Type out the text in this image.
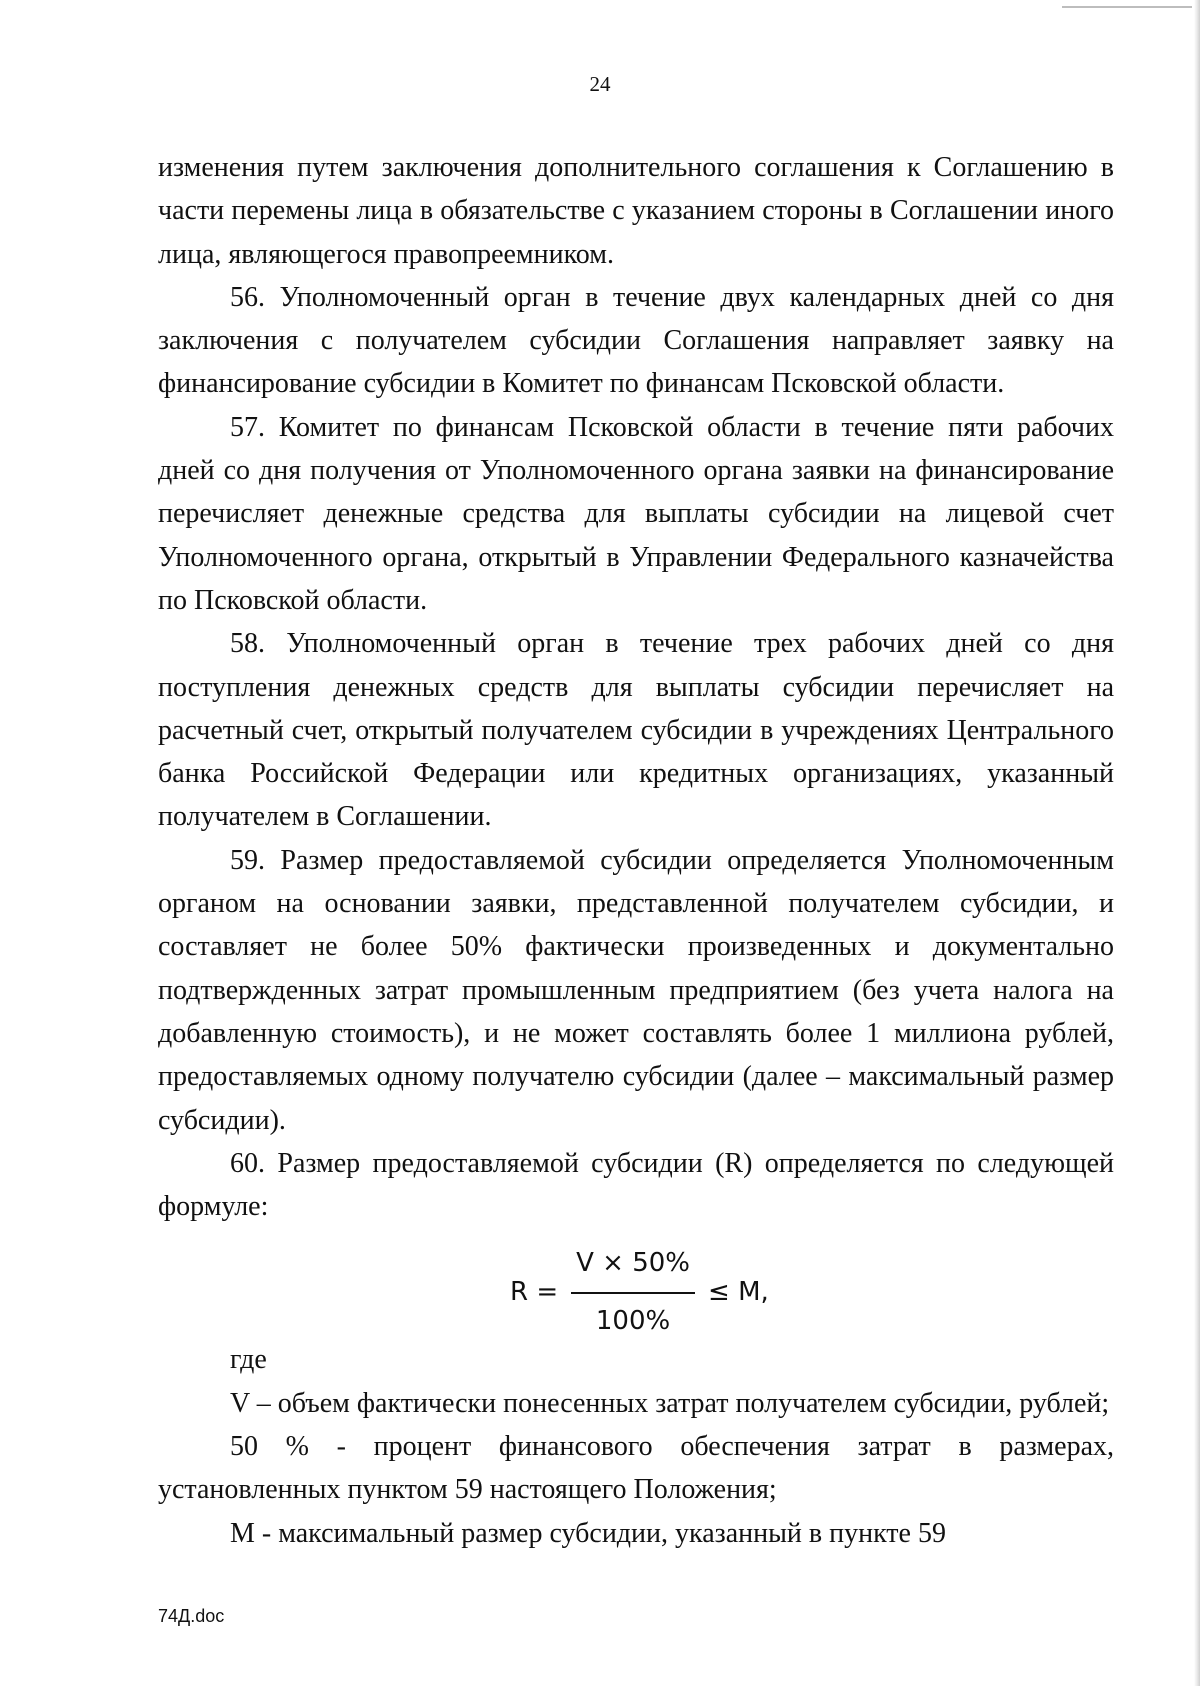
24

изменения путем заключения дополнительного соглашения к Соглашению в части перемены лица в обязательстве с указанием стороны в Соглашении иного лица, являющегося правопреемником.

56. Уполномоченный орган в течение двух календарных дней со дня заключения с получателем субсидии Соглашения направляет заявку на финансирование субсидии в Комитет по финансам Псковской области.

57. Комитет по финансам Псковской области в течение пяти рабочих дней со дня получения от Уполномоченного органа заявки на финансирование перечисляет денежные средства для выплаты субсидии на лицевой счет Уполномоченного органа, открытый в Управлении Федерального казначейства по Псковской области.

58. Уполномоченный орган в течение трех рабочих дней со дня поступления денежных средств для выплаты субсидии перечисляет на расчетный счет, открытый получателем субсидии в учреждениях Центрального банка Российской Федерации или кредитных организациях, указанный получателем в Соглашении.

59. Размер предоставляемой субсидии определяется Уполномоченным органом на основании заявки, представленной получателем субсидии, и составляет не более 50% фактически произведенных и документально подтвержденных затрат промышленным предприятием (без учета налога на добавленную стоимость), и не может составлять более 1 миллиона рублей, предоставляемых одному получателю субсидии (далее – максимальный размер субсидии).

60. Размер предоставляемой субсидии (R) определяется по следующей формуле:

$R = \frac{V \times 50\%}{100\%} \le M$,

где

V – объем фактически понесенных затрат получателем субсидии, рублей;

50 % - процент финансового обеспечения затрат в размерах, установленных пунктом 59 настоящего Положения;

М - максимальный размер субсидии, указанный в пункте 59

74Д.doc
